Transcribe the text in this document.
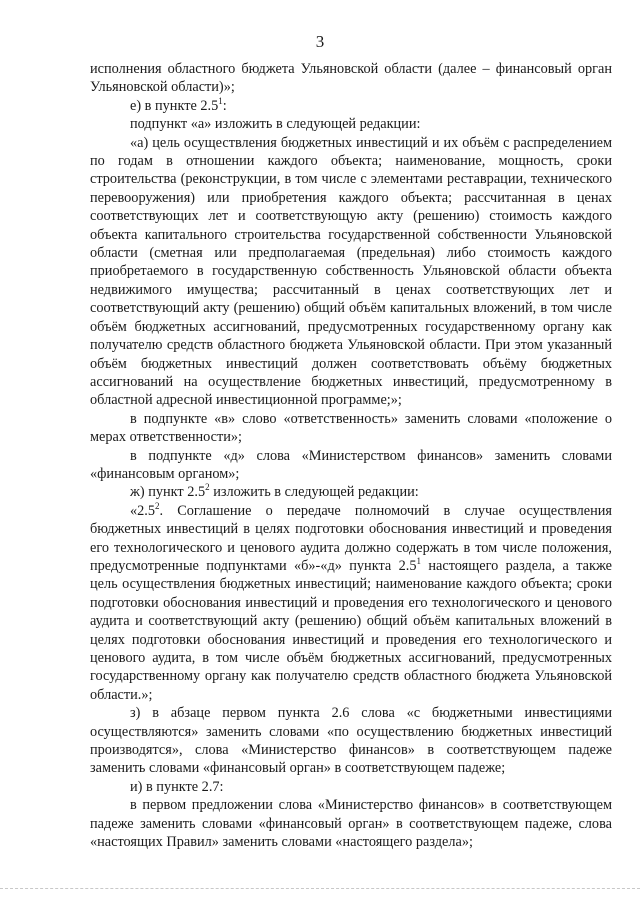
3

исполнения областного бюджета Ульяновской области (далее – финансовый орган Ульяновской области)»;

е) в пункте $2.5^1$:

подпункт «а» изложить в следующей редакции:

«а) цель осуществления бюджетных инвестиций и их объём с распределением по годам в отношении каждого объекта; наименование, мощность, сроки строительства (реконструкции, в том числе с элементами реставрации, технического перевооружения) или приобретения каждого объекта; рассчитанная в ценах соответствующих лет и соответствующую акту (решению) стоимость каждого объекта капитального строительства государственной собственности Ульяновской области (сметная или предполагаемая (предельная) либо стоимость каждого приобретаемого в государственную собственность Ульяновской области объекта недвижимого имущества; рассчитанный в ценах соответствующих лет и соответствующий акту (решению) общий объём капитальных вложений, в том числе объём бюджетных ассигнований, предусмотренных государственному органу как получателю средств областного бюджета Ульяновской области. При этом указанный объём бюджетных инвестиций должен соответствовать объёму бюджетных ассигнований на осуществление бюджетных инвестиций, предусмотренному в областной адресной инвестиционной программе;»;

в подпункте «в» слово «ответственность» заменить словами «положение о мерах ответственности»;

в подпункте «д» слова «Министерством финансов» заменить словами «финансовым органом»;

ж) пункт $2.5^2$ изложить в следующей редакции:

«$2.5^2$. Соглашение о передаче полномочий в случае осуществления бюджетных инвестиций в целях подготовки обоснования инвестиций и проведения его технологического и ценового аудита должно содержать в том числе положения, предусмотренные подпунктами «б»-«д» пункта $2.5^1$ настоящего раздела, а также цель осуществления бюджетных инвестиций; наименование каждого объекта; сроки подготовки обоснования инвестиций и проведения его технологического и ценового аудита и соответствующий акту (решению) общий объём капитальных вложений в целях подготовки обоснования инвестиций и проведения его технологического и ценового аудита, в том числе объём бюджетных ассигнований, предусмотренных государственному органу как получателю средств областного бюджета Ульяновской области.»;

з) в абзаце первом пункта 2.6 слова «с бюджетными инвестициями осуществляются» заменить словами «по осуществлению бюджетных инвестиций производятся», слова «Министерство финансов» в соответствующем падеже заменить словами «финансовый орган» в соответствующем падеже;

и) в пункте 2.7:

в первом предложении слова «Министерство финансов» в соответствующем падеже заменить словами «финансовый орган» в соответствующем падеже, слова «настоящих Правил» заменить словами «настоящего раздела»;
